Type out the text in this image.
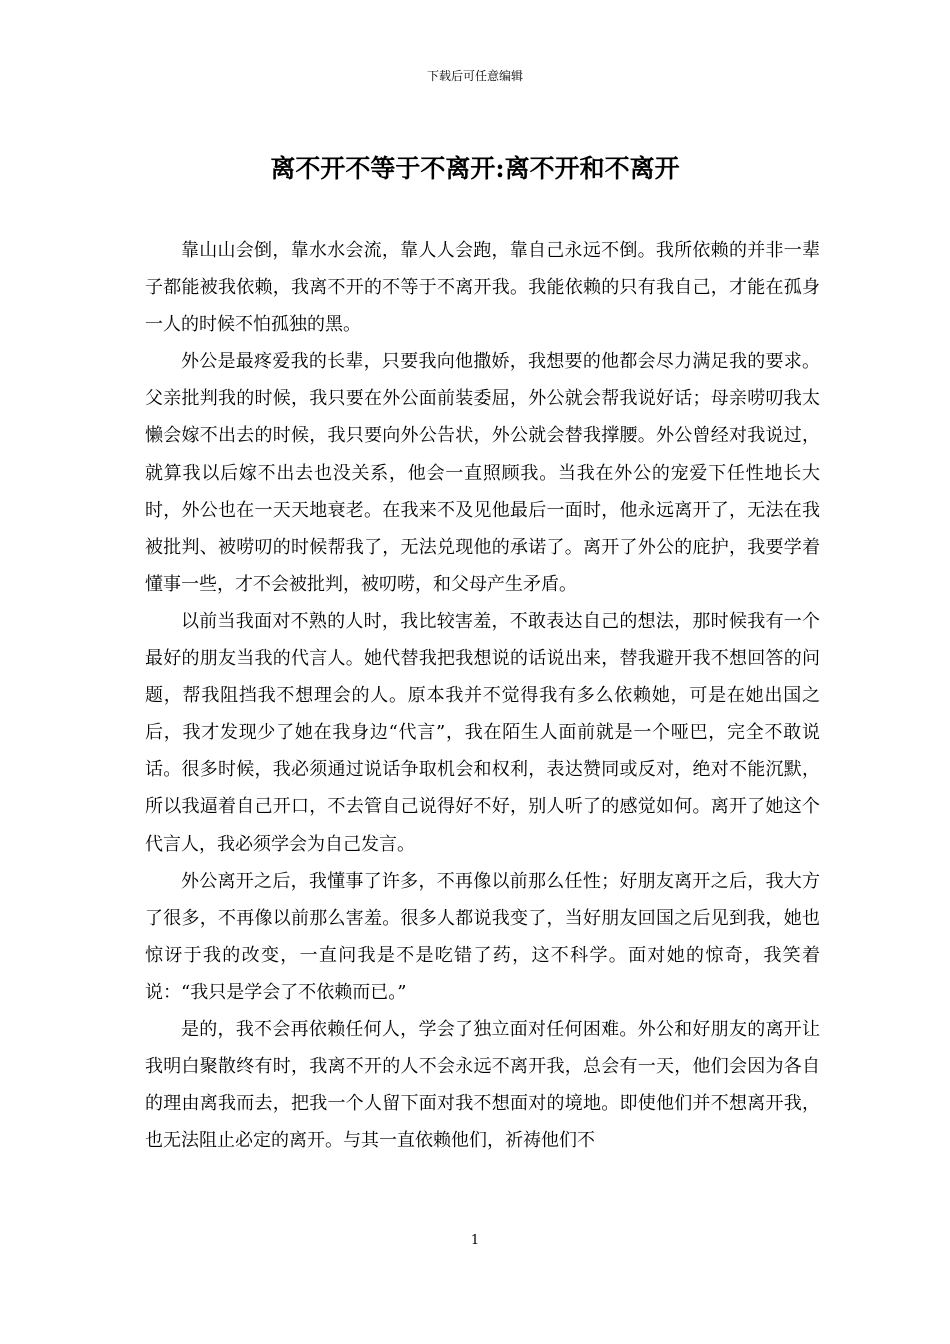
下载后可任意编辑
离不开不等于不离开:离不开和不离开

靠山山会倒，靠水水会流，靠人人会跑，靠自己永远不倒。我所依赖的并非一辈子都能被我依赖，我离不开的不等于不离开我。我能依赖的只有我自己，才能在孤身一人的时候不怕孤独的黑。

外公是最疼爱我的长辈，只要我向他撒娇，我想要的他都会尽力满足我的要求。父亲批判我的时候，我只要在外公面前装委屈，外公就会帮我说好话；母亲唠叨我太懒会嫁不出去的时候，我只要向外公告状，外公就会替我撑腰。外公曾经对我说过，就算我以后嫁不出去也没关系，他会一直照顾我。当我在外公的宠爱下任性地长大时，外公也在一天天地衰老。在我来不及见他最后一面时，他永远离开了，无法在我被批判、被唠叨的时候帮我了，无法兑现他的承诺了。离开了外公的庇护，我要学着懂事一些，才不会被批判，被叨唠，和父母产生矛盾。

以前当我面对不熟的人时，我比较害羞，不敢表达自己的想法，那时候我有一个最好的朋友当我的代言人。她代替我把我想说的话说出来，替我避开我不想回答的问题，帮我阻挡我不想理会的人。原本我并不觉得我有多么依赖她，可是在她出国之后，我才发现少了她在我身边“代言”，我在陌生人面前就是一个哑巴，完全不敢说话。很多时候，我必须通过说话争取机会和权利，表达赞同或反对，绝对不能沉默，所以我逼着自己开口，不去管自己说得好不好，别人听了的感觉如何。离开了她这个代言人，我必须学会为自己发言。

外公离开之后，我懂事了许多，不再像以前那么任性；好朋友离开之后，我大方了很多，不再像以前那么害羞。很多人都说我变了，当好朋友回国之后见到我，她也惊讶于我的改变，一直问我是不是吃错了药，这不科学。面对她的惊奇，我笑着说：“我只是学会了不依赖而已。”

是的，我不会再依赖任何人，学会了独立面对任何困难。外公和好朋友的离开让我明白聚散终有时，我离不开的人不会永远不离开我，总会有一天，他们会因为各自的理由离我而去，把我一个人留下面对我不想面对的境地。即使他们并不想离开我，也无法阻止必定的离开。与其一直依赖他们，祈祷他们不

1
